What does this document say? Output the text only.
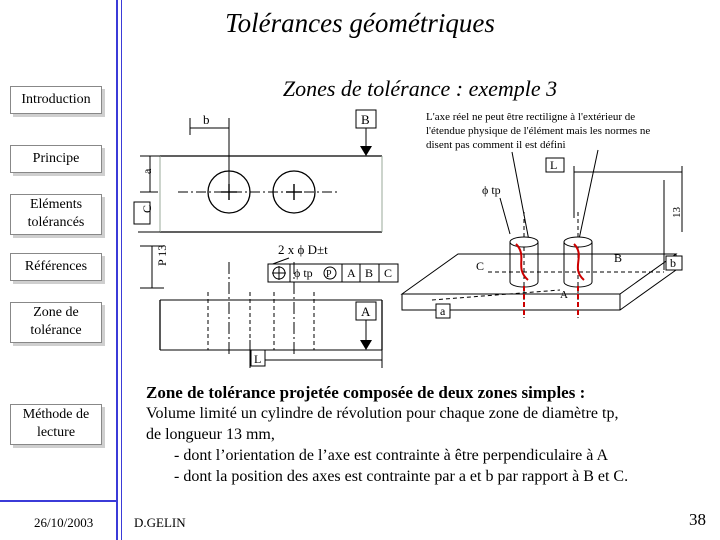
Tolérances géométriques
Zones de tolérance : exemple 3
Introduction
Principe
Eléments tolérancés
Références
Zone de tolérance
Méthode de lecture
b	B
a
C
2 x ϕ D±t
ϕ tp P A B C
P 13
A
L
L'axe réel ne peut être rectiligne à l'extérieur de l'étendue physique de l'élément mais les normes ne disent pas comment il est défini
L
13
ϕ tp
C
B	b
A
a
Zone de tolérance projetée composée de deux zones simples :
Volume limité un cylindre de révolution pour chaque zone de diamètre tp,
de longueur 13 mm,
- dont l’orientation de l’axe est contrainte à être perpendiculaire à A
- dont la position des axes est contrainte par a et b par rapport à B et C.
26/10/2003	D.GELIN	38
